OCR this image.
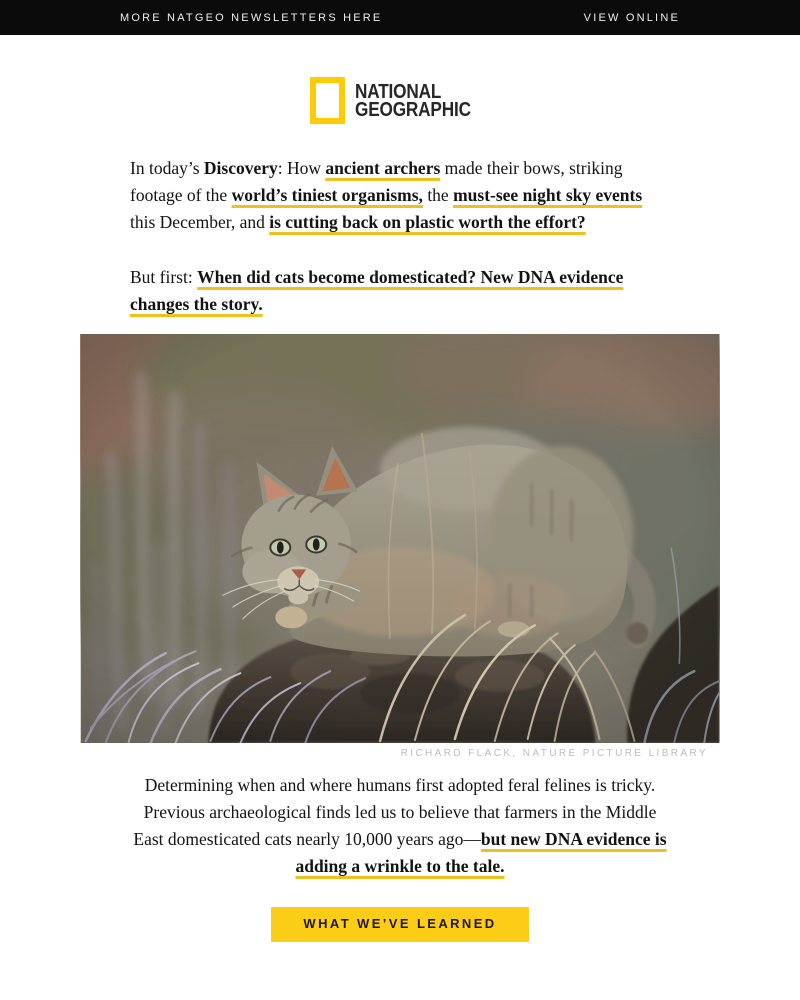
MORE NATGEO NEWSLETTERS HERE	VIEW ONLINE
NATIONAL
GEOGRAPHIC

In today’s Discovery: How ancient archers made their bows, striking footage of the world’s tiniest organisms, the must-see night sky events this December, and is cutting back on plastic worth the effort?

But first: When did cats become domesticated? New DNA evidence changes the story.

RICHARD FLACK, NATURE PICTURE LIBRARY

Determining when and where humans first adopted feral felines is tricky. Previous archaeological finds led us to believe that farmers in the Middle East domesticated cats nearly 10,000 years ago—but new DNA evidence is adding a wrinkle to the tale.

WHAT WE’VE LEARNED
